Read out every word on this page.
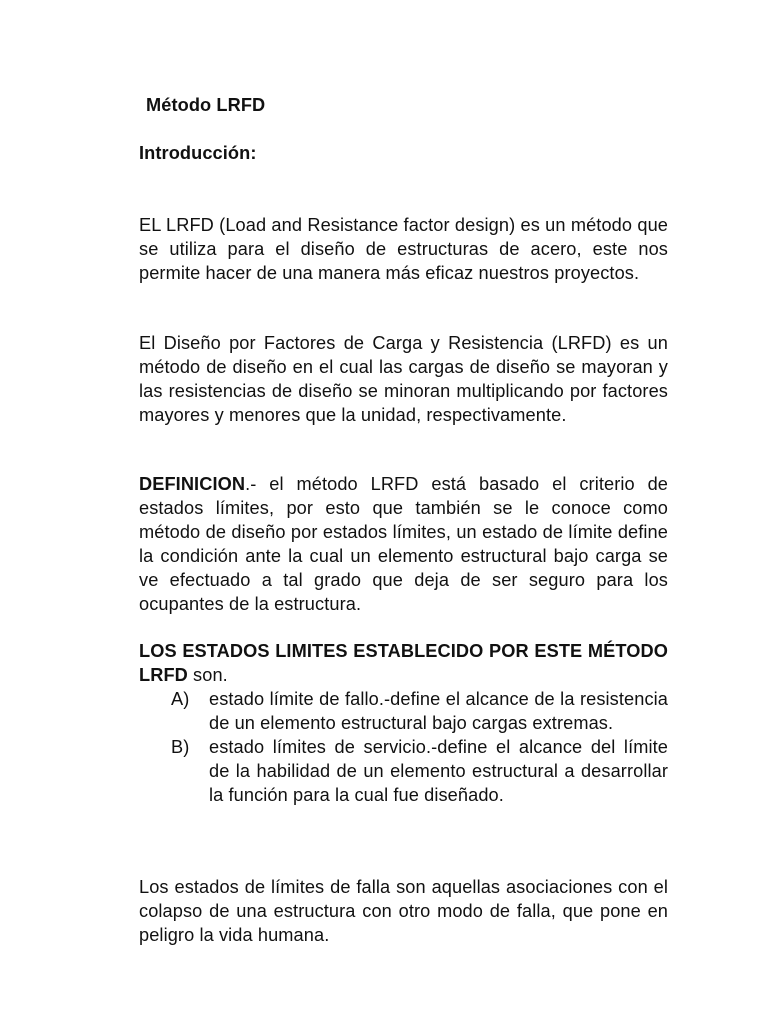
Método LRFD
Introducción:

EL LRFD (Load and Resistance factor design) es un método que se utiliza para el diseño de estructuras de acero, este nos permite hacer de una manera más eficaz nuestros proyectos.

El Diseño por Factores de Carga y Resistencia (LRFD) es un método de diseño en el cual las cargas de diseño se mayoran y las resistencias de diseño se minoran multiplicando por factores mayores y menores que la unidad, respectivamente.

DEFINICION.- el método LRFD está basado el criterio de estados límites, por esto que también se le conoce como método de diseño por estados límites, un estado de límite define la condición ante la cual un elemento estructural bajo carga se ve efectuado a tal grado que deja de ser seguro para los ocupantes de la estructura.

LOS ESTADOS LIMITES ESTABLECIDO POR ESTE MÉTODO LRFD son.

A) estado límite de fallo.-define el alcance de la resistencia de un elemento estructural bajo cargas extremas.
B) estado límites de servicio.-define el alcance del límite de la habilidad de un elemento estructural a desarrollar la función para la cual fue diseñado.

Los estados de límites de falla son aquellas asociaciones con el colapso de una estructura con otro modo de falla, que pone en peligro la vida humana.
